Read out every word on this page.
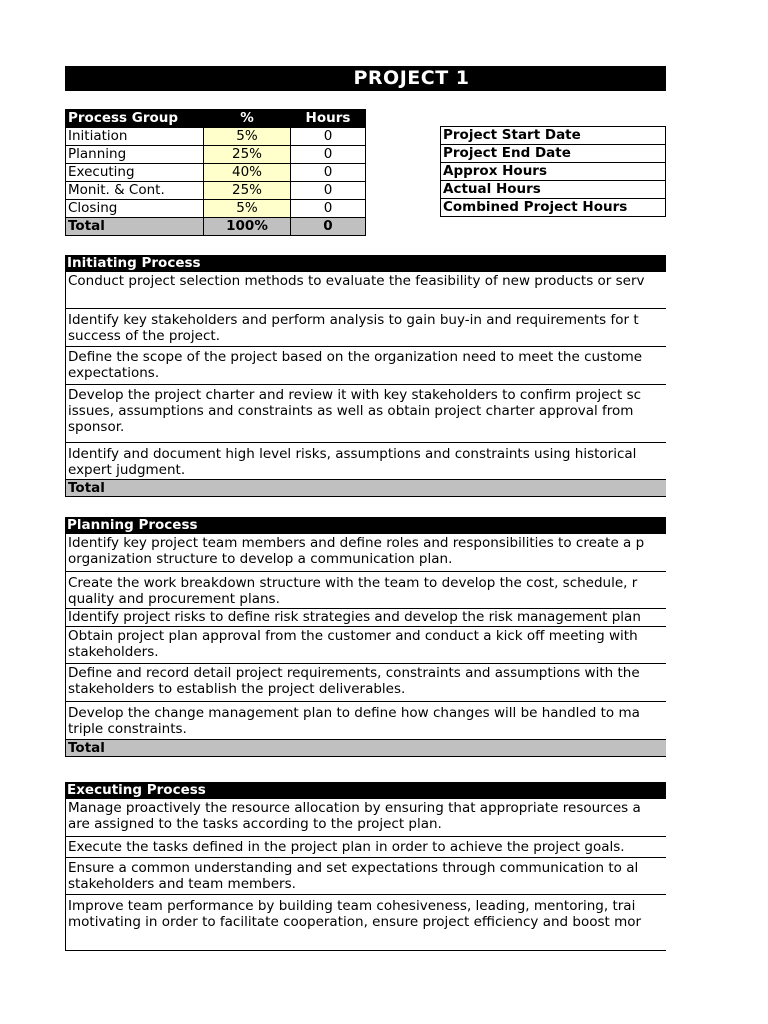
PROJECT 1
Process Group	%	Hours
Initiation	5%	0
Planning	25%	0
Executing	40%	0
Monit. & Cont.	25%	0
Closing	5%	0
Total	100%	0
Project Start Date
Project End Date
Approx Hours
Actual Hours
Combined Project Hours
Initiating Process
Conduct project selection methods to evaluate the feasibility of new products or serv
Identify key stakeholders and perform analysis to gain buy-in and requirements for t
success of the project.
Define the scope of the project based on the organization need to meet the custome
expectations.
Develop the project charter and review it with key stakeholders to confirm project sc
issues, assumptions and constraints as well as obtain project charter approval from
sponsor.
Identify and document high level risks, assumptions and constraints using historical
expert judgment.
Total
Planning Process
Identify key project team members and define roles and responsibilities to create a p
organization structure to develop a communication plan.
Create the work breakdown structure with the team to develop the cost, schedule, r
quality and procurement plans.
Identify project risks to define risk strategies and develop the risk management plan
Obtain project plan approval from the customer and conduct a kick off meeting with
stakeholders.
Define and record detail project requirements, constraints and assumptions with the
stakeholders to establish the project deliverables.
Develop the change management plan to define how changes will be handled to ma
triple constraints.
Total
Executing Process
Manage proactively the resource allocation by ensuring that appropriate resources a
are assigned to the tasks according to the project plan.
Execute the tasks defined in the project plan in order to achieve the project goals.
Ensure a common understanding and set expectations through communication to al
stakeholders and team members.
Improve team performance by building team cohesiveness, leading, mentoring, trai
motivating in order to facilitate cooperation, ensure project efficiency and boost mor
